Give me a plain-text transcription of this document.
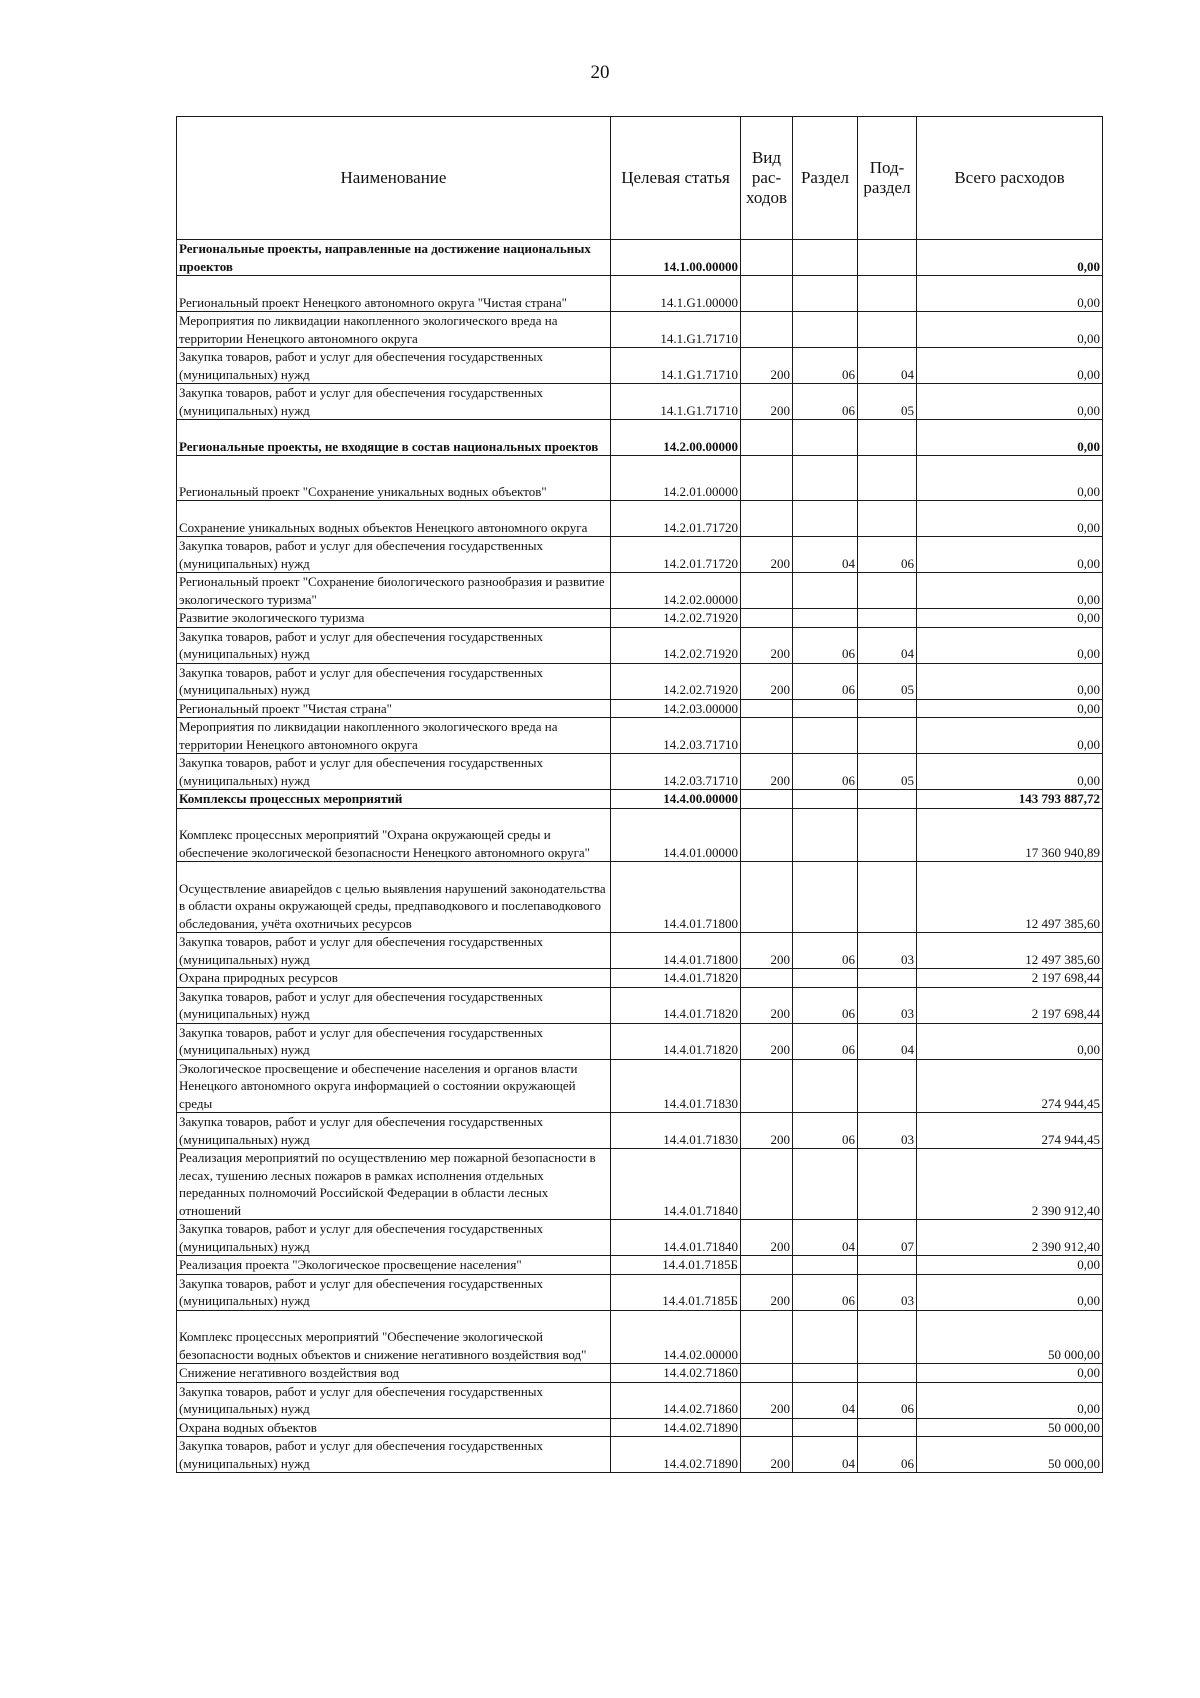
20
Наименование	Целевая статья	Вид рас-ходов	Раздел	Под-раздел	Всего расходов
Региональные проекты, направленные на достижение национальных проектов	14.1.00.00000				0,00
Региональный проект Ненецкого автономного округа "Чистая страна"	14.1.G1.00000				0,00
Мероприятия по ликвидации накопленного экологического вреда на территории Ненецкого автономного округа	14.1.G1.71710				0,00
Закупка товаров, работ и услуг для обеспечения государственных (муниципальных) нужд	14.1.G1.71710	200	06	04	0,00
Закупка товаров, работ и услуг для обеспечения государственных (муниципальных) нужд	14.1.G1.71710	200	06	05	0,00
Региональные проекты, не входящие в состав национальных проектов	14.2.00.00000				0,00
Региональный проект "Сохранение уникальных водных объектов"	14.2.01.00000				0,00
Сохранение уникальных водных объектов Ненецкого автономного округа	14.2.01.71720				0,00
Закупка товаров, работ и услуг для обеспечения государственных (муниципальных) нужд	14.2.01.71720	200	04	06	0,00
Региональный проект "Сохранение биологического разнообразия и развитие экологического туризма"	14.2.02.00000				0,00
Развитие экологического туризма	14.2.02.71920				0,00
Закупка товаров, работ и услуг для обеспечения государственных (муниципальных) нужд	14.2.02.71920	200	06	04	0,00
Закупка товаров, работ и услуг для обеспечения государственных (муниципальных) нужд	14.2.02.71920	200	06	05	0,00
Региональный проект "Чистая страна"	14.2.03.00000				0,00
Мероприятия по ликвидации накопленного экологического вреда на территории Ненецкого автономного округа	14.2.03.71710				0,00
Закупка товаров, работ и услуг для обеспечения государственных (муниципальных) нужд	14.2.03.71710	200	06	05	0,00
Комплексы процессных мероприятий	14.4.00.00000				143 793 887,72
Комплекс процессных мероприятий "Охрана окружающей среды и обеспечение экологической безопасности Ненецкого автономного округа"	14.4.01.00000				17 360 940,89
Осуществление авиарейдов с целью выявления нарушений законодательства в области охраны окружающей среды, предпаводкового и послепаводкового обследования, учёта охотничьих ресурсов	14.4.01.71800				12 497 385,60
Закупка товаров, работ и услуг для обеспечения государственных (муниципальных) нужд	14.4.01.71800	200	06	03	12 497 385,60
Охрана природных ресурсов	14.4.01.71820				2 197 698,44
Закупка товаров, работ и услуг для обеспечения государственных (муниципальных) нужд	14.4.01.71820	200	06	03	2 197 698,44
Закупка товаров, работ и услуг для обеспечения государственных (муниципальных) нужд	14.4.01.71820	200	06	04	0,00
Экологическое просвещение и обеспечение населения и органов власти Ненецкого автономного округа информацией о состоянии окружающей среды	14.4.01.71830				274 944,45
Закупка товаров, работ и услуг для обеспечения государственных (муниципальных) нужд	14.4.01.71830	200	06	03	274 944,45
Реализация мероприятий по осуществлению мер пожарной безопасности в лесах, тушению лесных пожаров в рамках исполнения отдельных переданных полномочий Российской Федерации в области лесных отношений	14.4.01.71840				2 390 912,40
Закупка товаров, работ и услуг для обеспечения государственных (муниципальных) нужд	14.4.01.71840	200	04	07	2 390 912,40
Реализация проекта "Экологическое просвещение населения"	14.4.01.7185Б				0,00
Закупка товаров, работ и услуг для обеспечения государственных (муниципальных) нужд	14.4.01.7185Б	200	06	03	0,00
Комплекс процессных мероприятий "Обеспечение экологической безопасности водных объектов и снижение негативного воздействия вод"	14.4.02.00000				50 000,00
Снижение негативного воздействия вод	14.4.02.71860				0,00
Закупка товаров, работ и услуг для обеспечения государственных (муниципальных) нужд	14.4.02.71860	200	04	06	0,00
Охрана водных объектов	14.4.02.71890				50 000,00
Закупка товаров, работ и услуг для обеспечения государственных (муниципальных) нужд	14.4.02.71890	200	04	06	50 000,00
